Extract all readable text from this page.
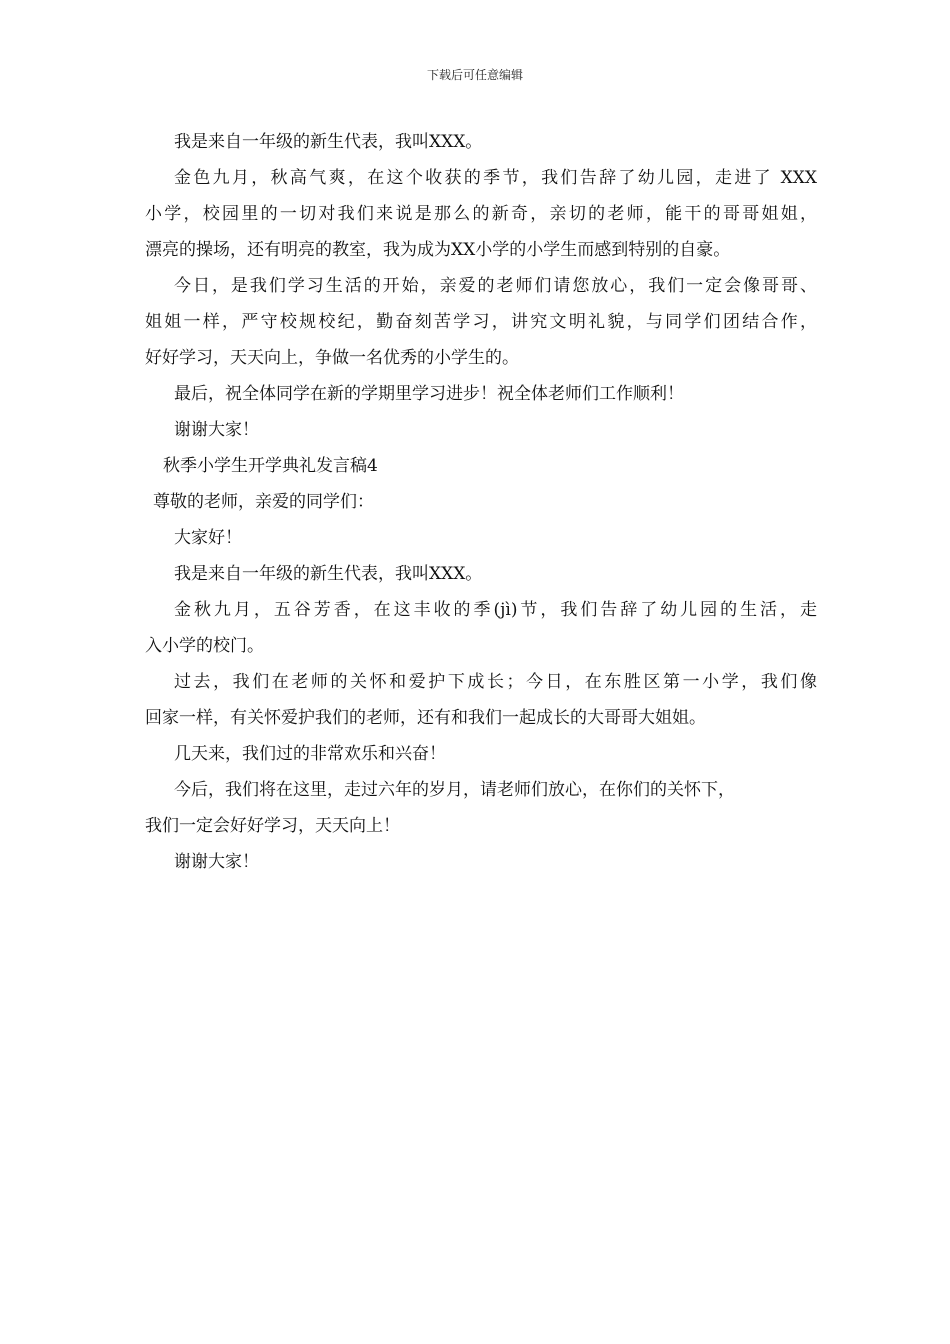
下载后可任意编辑
我是来自一年级的新生代表，我叫XXX。
金色九月，秋高气爽，在这个收获的季节，我们告辞了幼儿园，走进了 XXX
小学，校园里的一切对我们来说是那么的新奇，亲切的老师，能干的哥哥姐姐，
漂亮的操场，还有明亮的教室，我为成为XX小学的小学生而感到特别的自豪。
今日，是我们学习生活的开始，亲爱的老师们请您放心，我们一定会像哥哥、
姐姐一样，严守校规校纪，勤奋刻苦学习，讲究文明礼貌，与同学们团结合作，
好好学习，天天向上，争做一名优秀的小学生的。
最后，祝全体同学在新的学期里学习进步！祝全体老师们工作顺利！
谢谢大家！
秋季小学生开学典礼发言稿4
尊敬的老师，亲爱的同学们：
大家好！
我是来自一年级的新生代表，我叫XXX。
金秋九月，五谷芳香，在这丰收的季(jì)节，我们告辞了幼儿园的生活，走
入小学的校门。
过去，我们在老师的关怀和爱护下成长；今日，在东胜区第一小学，我们像
回家一样，有关怀爱护我们的老师，还有和我们一起成长的大哥哥大姐姐。
几天来，我们过的非常欢乐和兴奋！
今后，我们将在这里，走过六年的岁月，请老师们放心，在你们的关怀下，
我们一定会好好学习，天天向上！
谢谢大家！
